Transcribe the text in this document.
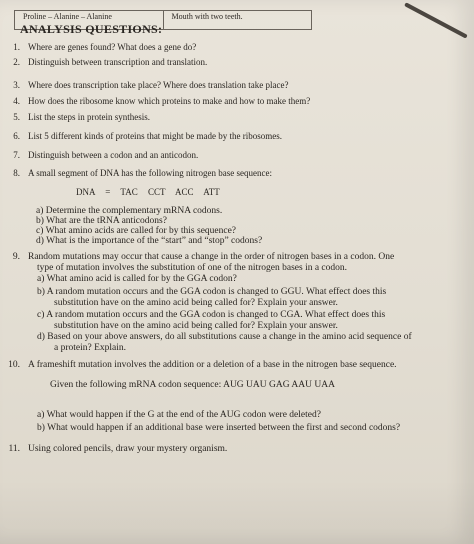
Proline – Alanine – Alanine	Mouth with two teeth.
ANALYSIS QUESTIONS:
1. Where are genes found? What does a gene do?
2. Distinguish between transcription and translation.
3. Where does transcription take place? Where does translation take place?
4. How does the ribosome know which proteins to make and how to make them?
5. List the steps in protein synthesis.
6. List 5 different kinds of proteins that might be made by the ribosomes.
7. Distinguish between a codon and an anticodon.
8. A small segment of DNA has the following nitrogen base sequence:
DNA = TAC CCT ACC ATT
a) Determine the complementary mRNA codons.
b) What are the tRNA anticodons?
c) What amino acids are called for by this sequence?
d) What is the importance of the “start” and “stop” codons?
9. Random mutations may occur that cause a change in the order of nitrogen bases in a codon. One
type of mutation involves the substitution of one of the nitrogen bases in a codon.
a) What amino acid is called for by the GGA codon?
b) A random mutation occurs and the GGA codon is changed to GGU. What effect does this
substitution have on the amino acid being called for? Explain your answer.
c) A random mutation occurs and the GGA codon is changed to CGA. What effect does this
substitution have on the amino acid being called for? Explain your answer.
d) Based on your above answers, do all substitutions cause a change in the amino acid sequence of
a protein? Explain.
10. A frameshift mutation involves the addition or a deletion of a base in the nitrogen base sequence.
Given the following mRNA codon sequence: AUG UAU GAG AAU UAA
a) What would happen if the G at the end of the AUG codon were deleted?
b) What would happen if an additional base were inserted between the first and second codons?
11. Using colored pencils, draw your mystery organism.
